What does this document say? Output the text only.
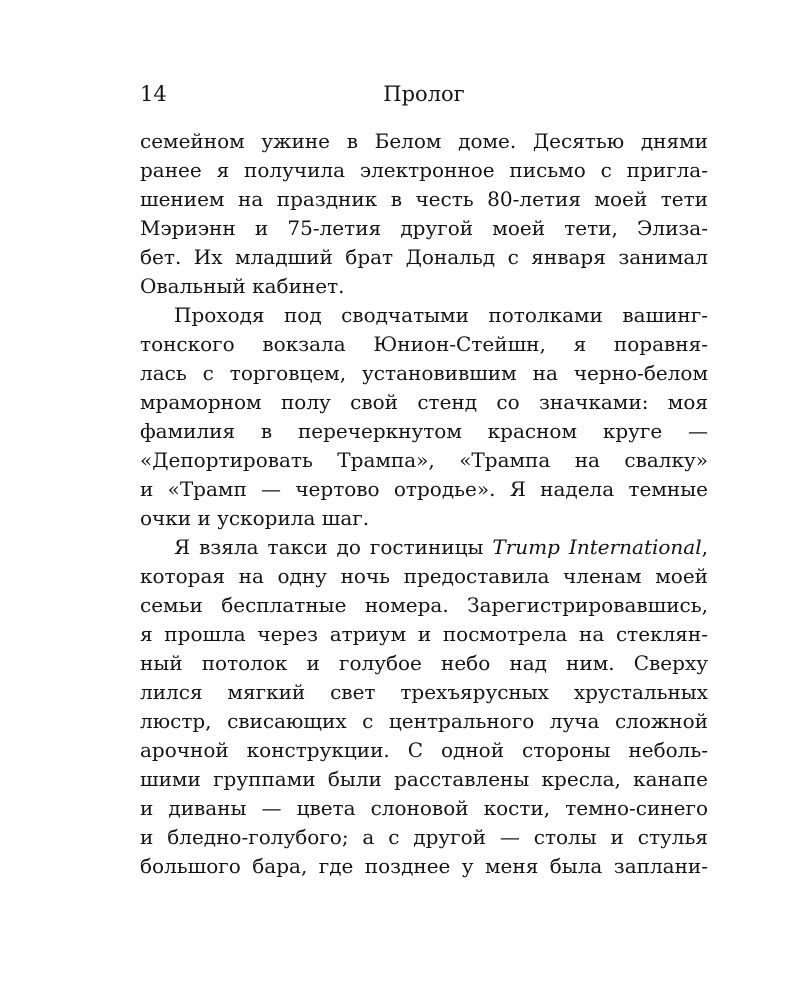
14	Пролог
семейном ужине в Белом доме. Десятью днями
ранее я получила электронное письмо с пригла-
шением на праздник в честь 80-летия моей тети
Мэриэнн и 75-летия другой моей тети, Элиза-
бет. Их младший брат Дональд с января занимал
Овальный кабинет.
Проходя под сводчатыми потолками вашинг-
тонского вокзала Юнион-Стейшн, я поравня-
лась с торговцем, установившим на черно-белом
мраморном полу свой стенд со значками: моя
фамилия в перечеркнутом красном круге —
«Депортировать Трампа», «Трампа на свалку»
и «Трамп — чертово отродье». Я надела темные
очки и ускорила шаг.
Я взяла такси до гостиницы Trump International,
которая на одну ночь предоставила членам моей
семьи бесплатные номера. Зарегистрировавшись,
я прошла через атриум и посмотрела на стеклян-
ный потолок и голубое небо над ним. Сверху
лился мягкий свет трехъярусных хрустальных
люстр, свисающих с центрального луча сложной
арочной конструкции. С одной стороны неболь-
шими группами были расставлены кресла, канапе
и диваны — цвета слоновой кости, темно-синего
и бледно-голубого; а с другой — столы и стулья
большого бара, где позднее у меня была заплани-
